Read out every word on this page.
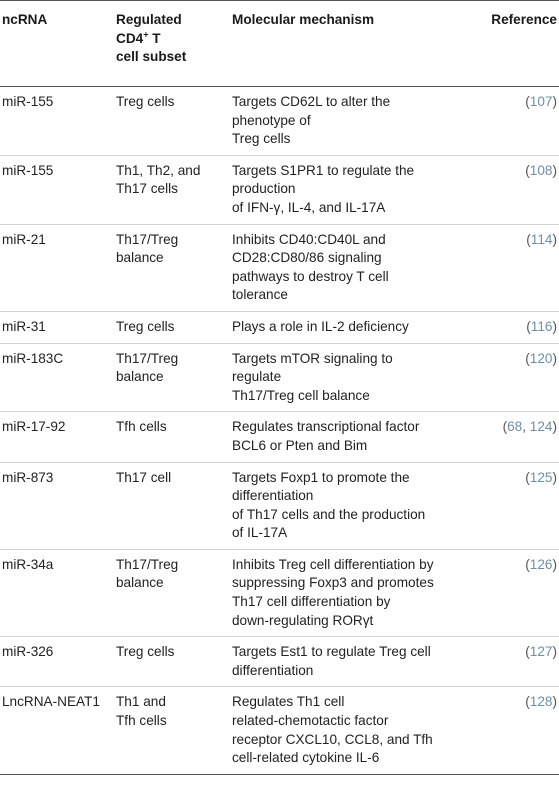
ncRNA	Regulated
CD4+ T
cell subset	Molecular mechanism	Reference
miR-155	Treg cells	Targets CD62L to alter the
phenotype of
Treg cells	(107)
miR-155	Th1, Th2, and
Th17 cells	Targets S1PR1 to regulate the
production
of IFN-γ, IL-4, and IL-17A	(108)
miR-21	Th17/Treg
balance	Inhibits CD40:CD40L and
CD28:CD80/86 signaling
pathways to destroy T cell
tolerance	(114)
miR-31	Treg cells	Plays a role in IL-2 deficiency	(116)
miR-183C	Th17/Treg
balance	Targets mTOR signaling to
regulate
Th17/Treg cell balance	(120)
miR-17-92	Tfh cells	Regulates transcriptional factor
BCL6 or Pten and Bim	(68, 124)
miR-873	Th17 cell	Targets Foxp1 to promote the
differentiation
of Th17 cells and the production
of IL-17A	(125)
miR-34a	Th17/Treg
balance	Inhibits Treg cell differentiation by
suppressing Foxp3 and promotes
Th17 cell differentiation by
down-regulating RORγt	(126)
miR-326	Treg cells	Targets Est1 to regulate Treg cell
differentiation	(127)
LncRNA-NEAT1	Th1 and
Tfh cells	Regulates Th1 cell
related-chemotactic factor
receptor CXCL10, CCL8, and Tfh
cell-related cytokine IL-6	(128)
